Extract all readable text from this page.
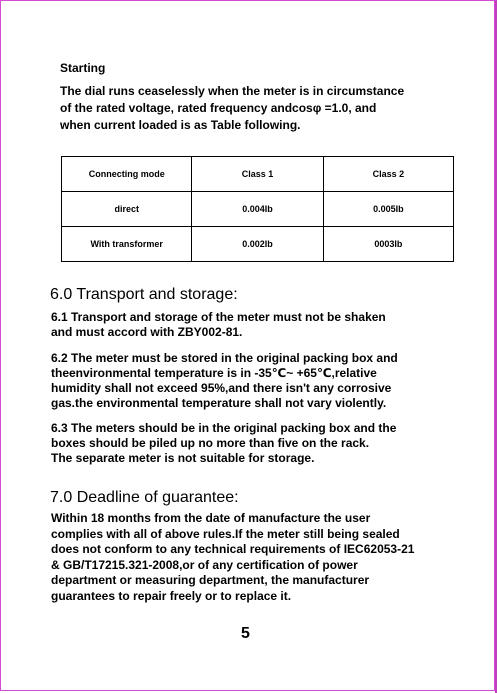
Starting
The dial runs ceaselessly when the meter is in circumstance
of the rated voltage, rated frequency andcosφ =1.0, and
when current loaded is as Table following.
Connecting mode	Class 1	Class 2
direct	0.004Ib	0.005Ib
With transformer	0.002Ib	0003Ib
6.0 Transport and storage:
6.1 Transport and storage of the meter must not be shaken
and must accord with ZBY002-81.
6.2 The meter must be stored in the original packing box and
theenvironmental temperature is in -35℃~ +65℃,relative
humidity shall not exceed 95%,and there isn't any corrosive
gas.the environmental temperature shall not vary violently.
6.3 The meters should be in the original packing box and the
boxes should be piled up no more than five on the rack.
The separate meter is not suitable for storage.
7.0 Deadline of guarantee:
Within 18 months from the date of manufacture the user
complies with all of above rules.If the meter still being sealed
does not conform to any technical requirements of IEC62053-21
& GB/T17215.321-2008,or of any certification of power
department or measuring department, the manufacturer
guarantees to repair freely or to replace it.
5
